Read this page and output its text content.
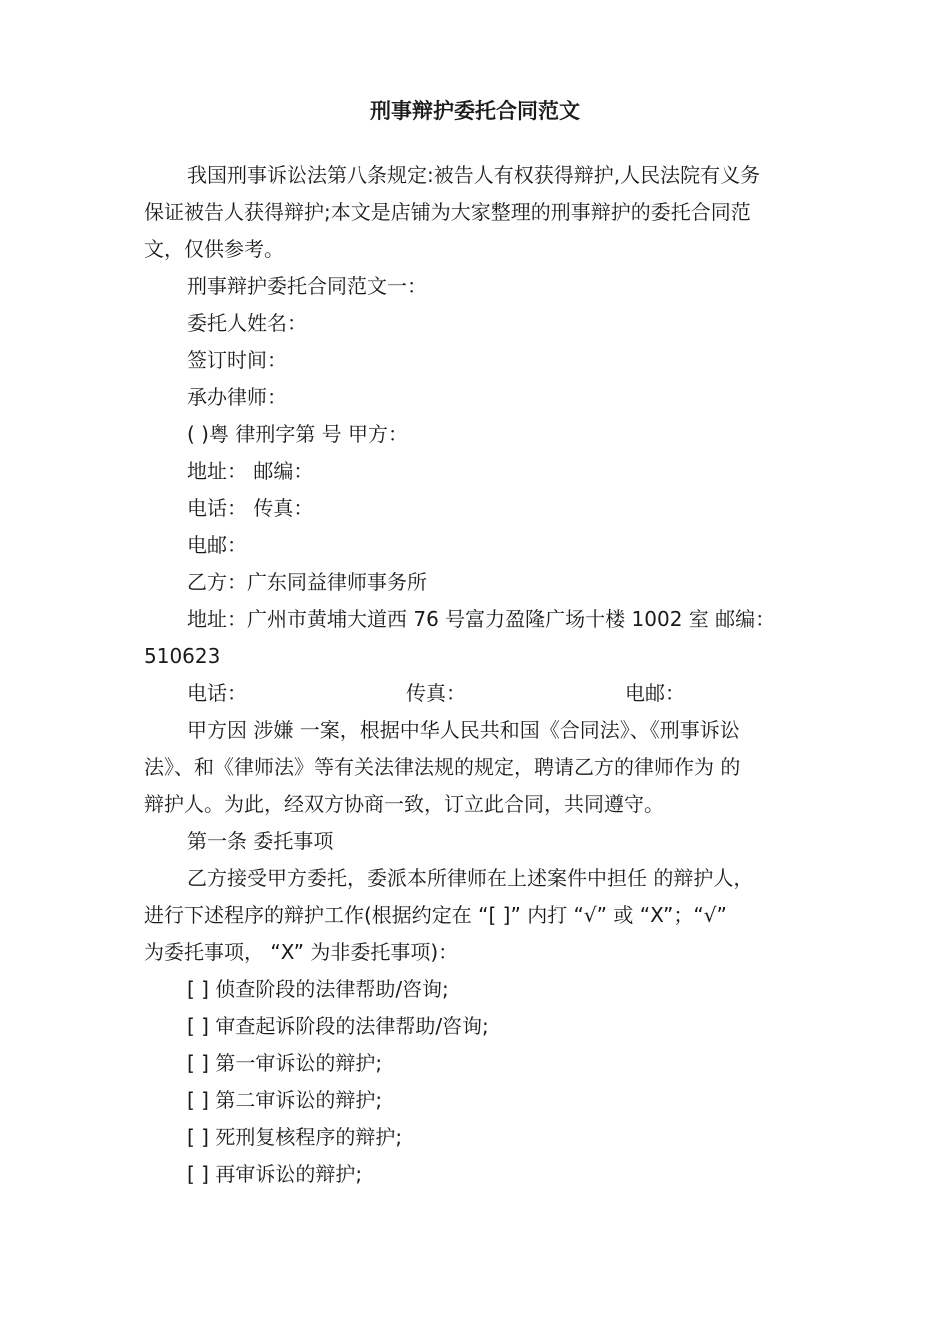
刑事辩护委托合同范文
我国刑事诉讼法第八条规定:被告人有权获得辩护,人民法院有义务
保证被告人获得辩护;本文是店铺为大家整理的刑事辩护的委托合同范
文，仅供参考。
刑事辩护委托合同范文一：
委托人姓名：
签订时间：
承办律师：
( )粤 律刑字第 号 甲方：
地址： 邮编：
电话： 传真：
电邮：
乙方：广东同益律师事务所
地址：广州市黄埔大道西 76 号富力盈隆广场十楼 1002 室 邮编：
510623
电话：	传真：	电邮：
甲方因 涉嫌 一案，根据中华人民共和国《合同法》、《刑事诉讼
法》、和《律师法》等有关法律法规的规定，聘请乙方的律师作为 的
辩护人。为此，经双方协商一致，订立此合同，共同遵守。
第一条 委托事项
乙方接受甲方委托，委派本所律师在上述案件中担任 的辩护人，
进行下述程序的辩护工作(根据约定在 “[ ]” 内打 “√” 或 “X”；“√”
为委托事项， “X” 为非委托事项)：
[ ] 侦查阶段的法律帮助/咨询;
[ ] 审查起诉阶段的法律帮助/咨询;
[ ] 第一审诉讼的辩护;
[ ] 第二审诉讼的辩护;
[ ] 死刑复核程序的辩护;
[ ] 再审诉讼的辩护;
